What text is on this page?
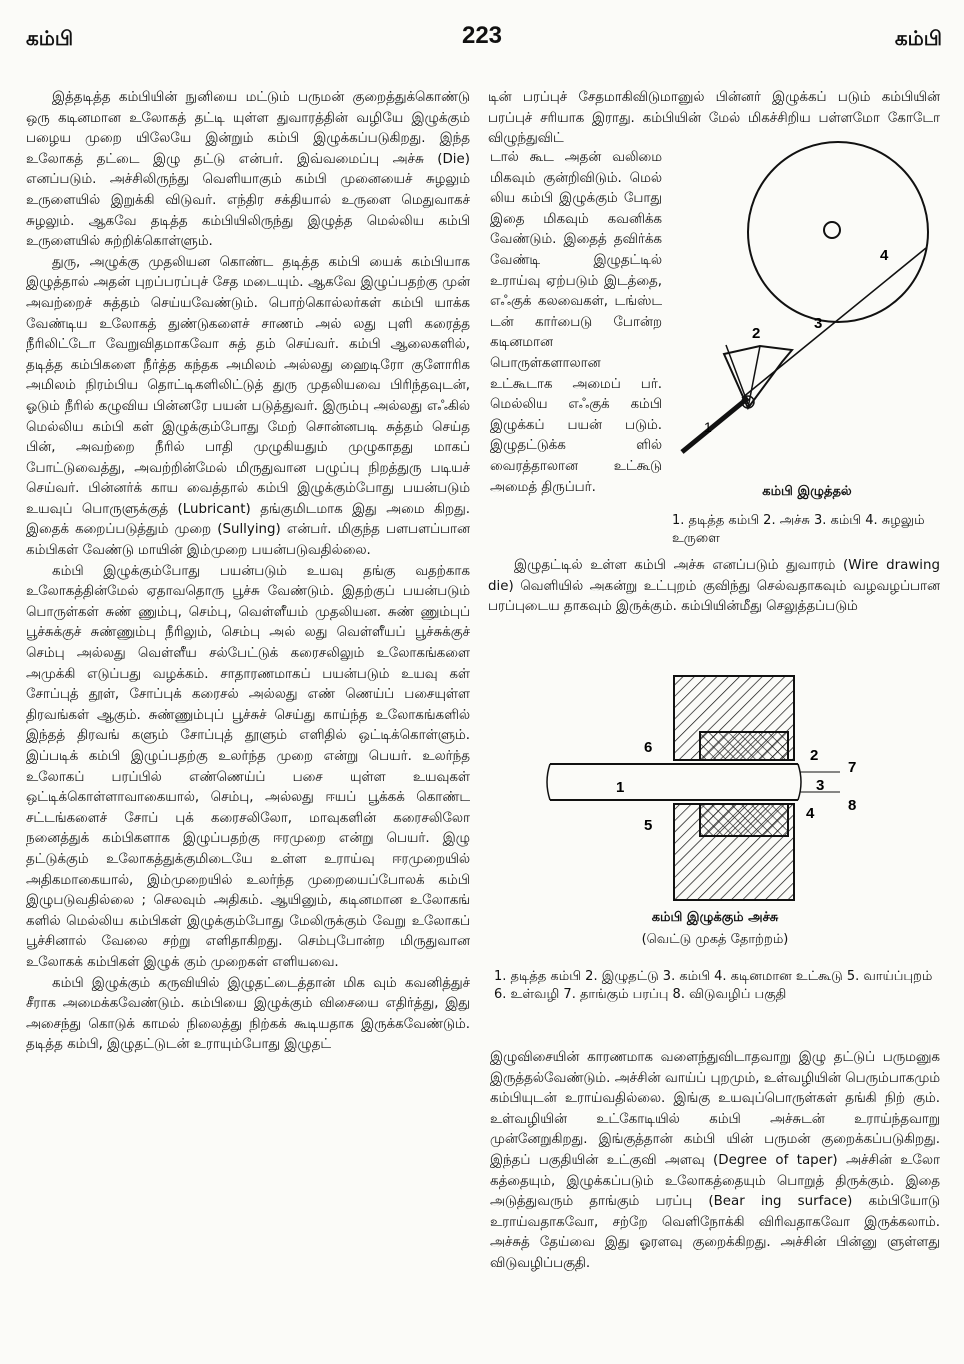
கம்பி	223	கம்பி

இத்தடித்த கம்பியின் நுனியை மட்டும் பருமன் குறைத்துக்கொண்டு ஒரு கடினமான உலோகத் தட்டி யுள்ள துவாரத்தின் வழியே இழுக்கும் பழைய முறை யிலேயே இன்றும் கம்பி இழுக்கப்படுகிறது. இந்த உலோகத் தட்டை இழு தட்டு என்பர். இவ்வமைப்பு அச்சு (Die) எனப்படும். அச்சிலிருந்து வெளியாகும் கம்பி முனையைச் சுழலும் உருளையில் இறுக்கி விடுவர். எந்திர சக்தியால் உருளை மெதுவாகச் சுழலும். ஆகவே தடித்த கம்பியிலிருந்து இழுத்த மெல்லிய கம்பி உருளையில் சுற்றிக்கொள்ளும்.

துரு, அழுக்கு முதலியன கொண்ட தடித்த கம்பி யைக் கம்பியாக இழுத்தால் அதன் புறப்பரப்புச் சேத மடையும். ஆகவே இழுப்பதற்கு முன் அவற்றைச் சுத்தம் செய்யவேண்டும். பொற்கொல்லர்கள் கம்பி யாக்க வேண்டிய உலோகத் துண்டுகளைச் சாணம் அல் லது புளி கரைத்த நீரிலிட்டோ வேறுவிதமாகவோ சுத் தம் செய்வர். கம்பி ஆலைகளில், தடித்த கம்பிகளை நீர்த்த கந்தக அமிலம் அல்லது ஹைடிரோ குளோரிக அமிலம் நிரம்பிய தொட்டிகளிலிட்டுத் துரு முதலியவை பிரிந்தவுடன், ஓடும் நீரில் கழுவிய பின்னரே பயன் படுத்துவர். இரும்பு அல்லது எஃகில் மெல்லிய கம்பி கள் இழுக்கும்போது மேற் சொன்னபடி சுத்தம் செய்த பின், அவற்றை நீரில் பாதி முழுகியதும் முழுகாதது மாகப் போட்டுவைத்து, அவற்றின்மேல் மிருதுவான பழுப்பு நிறத்துரு படியச் செய்வர். பின்னர்க் காய வைத்தால் கம்பி இழுக்கும்போது பயன்படும் உயவுப் பொருளுக்குத் (Lubricant) தங்குமிடமாக இது அமை கிறது. இதைக் கறைப்படுத்தும் முறை (Sullying) என்பர். மிகுந்த பளபளப்பான கம்பிகள் வேண்டு மாயின் இம்முறை பயன்படுவதில்லை.

கம்பி இழுக்கும்போது பயன்படும் உயவு தங்கு வதற்காக உலோகத்தின்மேல் ஏதாவதொரு பூச்சு வேண்டும். இதற்குப் பயன்படும் பொருள்கள் சுண் ணும்பு, செம்பு, வெள்ளீயம் முதலியன. சுண் ணும்புப் பூச்சுக்குச் சுண்ணும்பு நீரிலும், செம்பு அல் லது வெள்ளீயப் பூச்சுக்குச் செம்பு அல்லது வெள்ளீய சல்பேட்டுக் கரைசலிலும் உலோகங்களை அமுக்கி எடுப்பது வழக்கம். சாதாரணமாகப் பயன்படும் உயவு கள் சோப்புத் தூள், சோப்புக் கரைசல் அல்லது எண் ணெய்ப் பசையுள்ள திரவங்கள் ஆகும். சுண்ணும்புப் பூச்சுச் செய்து காய்ந்த உலோகங்களில் இந்தத் திரவங் களும் சோப்புத் தூளும் எளிதில் ஒட்டிக்கொள்ளும். இப்படிக் கம்பி இழுப்பதற்கு உலர்ந்த முறை என்று பெயர். உலர்ந்த உலோகப் பரப்பில் எண்ணெய்ப் பசை யுள்ள உயவுகள் ஒட்டிக்கொள்ளாவாகையால், செம்பு, அல்லது ஈயப் பூக்கக் கொண்ட சட்டங்களைச் சோப் புக் கரைசலிலோ, மாவுகளின் கரைசலிலோ நனைத்துக் கம்பிகளாக இழுப்பதற்கு ஈரமுறை என்று பெயர். இழு தட்டுக்கும் உலோகத்துக்குமிடையே உள்ள உராய்வு ஈரமுறையில் அதிகமாகையால், இம்முறையில் உலர்ந்த முறையைப்போலக் கம்பி இழுபடுவதில்லை ; செலவும் அதிகம். ஆயினும், கடினமான உலோகங் களில் மெல்லிய கம்பிகள் இழுக்கும்போது மேலிருக்கும் வேறு உலோகப் பூச்சினால் வேலை சற்று எளிதாகிறது. செம்புபோன்ற மிருதுவான உலோகக் கம்பிகள் இழுக் கும் முறைகள் எளியவை.

கம்பி இழுக்கும் கருவியில் இழுதட்டைத்தான் மிக வும் கவனித்துச் சீராக அமைக்கவேண்டும். கம்பியை இழுக்கும் விசையை எதிர்த்து, இது அசைந்து கொடுக் காமல் நிலைத்து நிற்கக் கூடியதாக இருக்கவேண்டும். தடித்த கம்பி, இழுதட்டுடன் உராயும்போது இழுதட்

டின் பரப்புச் சேதமாகிவிடுமானுல் பின்னர் இழுக்கப் படும் கம்பியின் பரப்புச் சரியாக இராது. கம்பியின் மேல் மிகச்சிறிய பள்ளமோ கோடோ விழுந்துவிட்

டால் கூட அதன் வலிமை மிகவும் குன்றிவிடும். மெல் லிய கம்பி இழுக்கும் போது இதை மிகவும் கவனிக்க வேண்டும். இதைத் தவிர்க்க வேண்டி இழுதட்டில் உராய்வு ஏற்படும் இடத்தை, எஃகுக் கலவைகள், டங்ஸ்ட டன் கார்பைடு போன்ற கடினமான பொருள்களாலான உட்கூடாக அமைப் பர். மெல்லிய எஃகுக் கம்பி இழுக்கப் பயன் படும். இழுதட்டுக்க ளில் வைரத்தாலான உட்கூடு அமைத் திருப்பர்.
1
2
3
4
கம்பி இழுத்தல்
1. தடித்த கம்பி 2. அச்சு 3. கம்பி 4. சுழலும் உருளை

இழுதட்டில் உள்ள கம்பி அச்சு எனப்படும் துவாரம் (Wire drawing die) வெளியில் அகன்று உட்புறம் குவிந்து செல்வதாகவும் வழவழப்பான பரப்புடைய தாகவும் இருக்கும். கம்பியின்மீது செலுத்தப்படும்

1
2
3
4
5
6
7
8
கம்பி இழுக்கும் அச்சு
(வெட்டு முகத் தோற்றம்)
1. தடித்த கம்பி 2. இழுதட்டு 3. கம்பி 4. கடினமான உட்கூடு 5. வாய்ப்புறம் 6. உள்வழி 7. தாங்கும் பரப்பு 8. விடுவழிப் பகுதி

இழுவிசையின் காரணமாக வளைந்துவிடாதவாறு இழு தட்டுப் பருமனுக இருத்தல்வேண்டும். அச்சின் வாய்ப் புறமும், உள்வழியின் பெரும்பாகமும் கம்பியுடன் உராய்வதில்லை. இங்கு உயவுப்பொருள்கள் தங்கி நிற் கும். உள்வழியின் உட்கோடியில் கம்பி அச்சுடன் உராய்ந்தவாறு முன்னேறுகிறது. இங்குத்தான் கம்பி யின் பருமன் குறைக்கப்படுகிறது. இந்தப் பகுதியின் உட்குவி அளவு (Degree of taper) அச்சின் உலோ கத்தையும், இழுக்கப்படும் உலோகத்தையும் பொறுத் திருக்கும். இதை அடுத்துவரும் தாங்கும் பரப்பு (Bear ing surface) கம்பியோடு உராய்வதாகவோ, சற்றே வெளிநோக்கி விரிவதாகவோ இருக்கலாம். அச்சுத் தேய்வை இது ஓரளவு குறைக்கிறது. அச்சின் பின்னு ளுள்ளது விடுவழிப்பகுதி.
